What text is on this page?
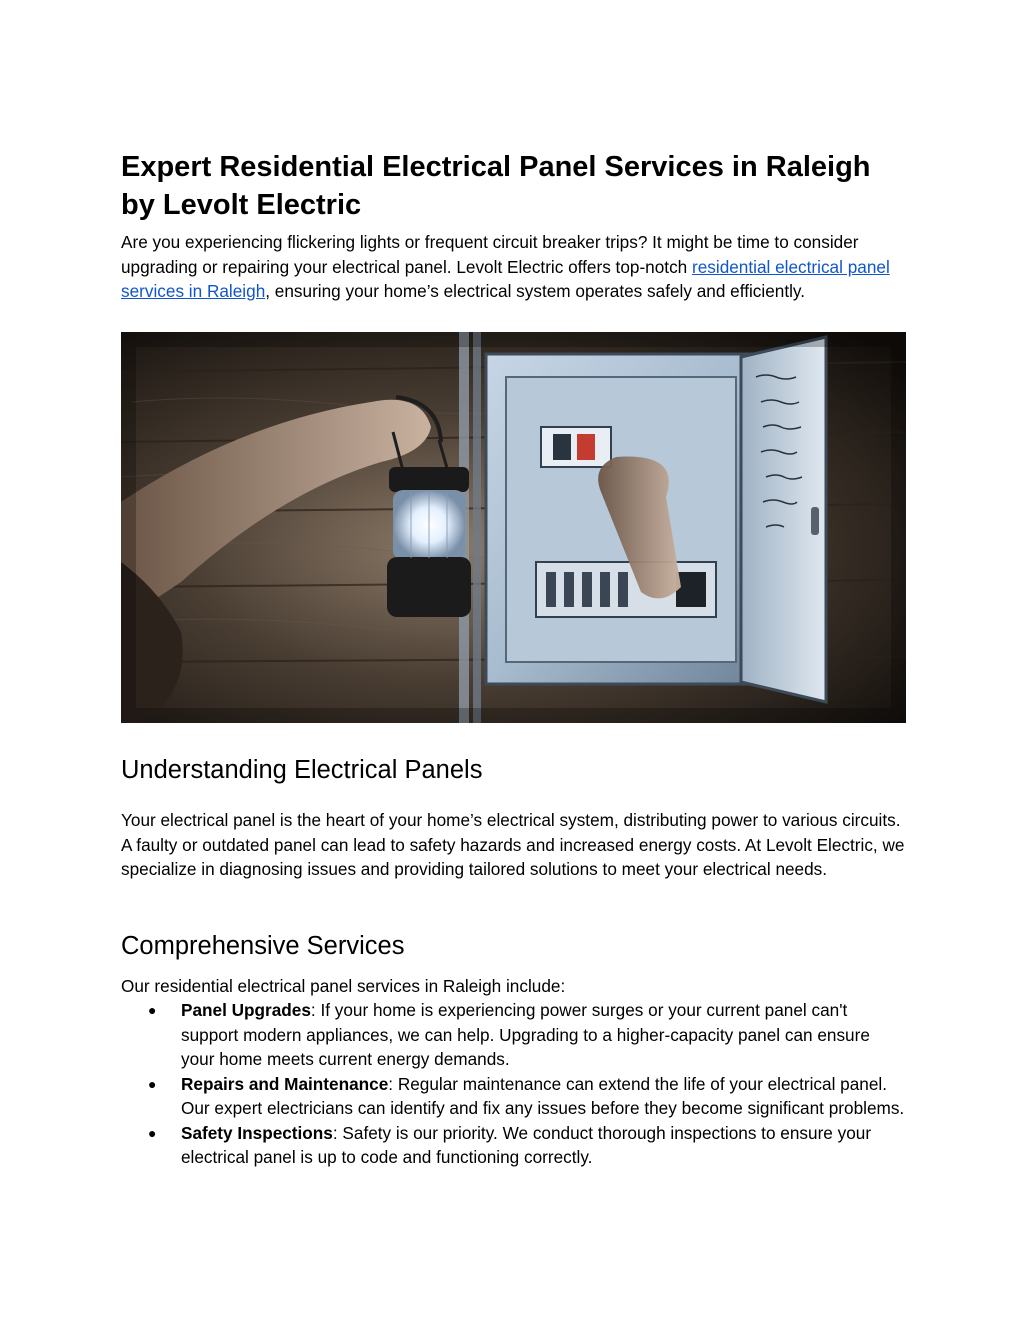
Expert Residential Electrical Panel Services in Raleigh by Levolt Electric

Are you experiencing flickering lights or frequent circuit breaker trips? It might be time to consider upgrading or repairing your electrical panel. Levolt Electric offers top-notch residential electrical panel services in Raleigh, ensuring your home’s electrical system operates safely and efficiently.

Understanding Electrical Panels

Your electrical panel is the heart of your home’s electrical system, distributing power to various circuits. A faulty or outdated panel can lead to safety hazards and increased energy costs. At Levolt Electric, we specialize in diagnosing issues and providing tailored solutions to meet your electrical needs.

Comprehensive Services

Our residential electrical panel services in Raleigh include:

● Panel Upgrades: If your home is experiencing power surges or your current panel can't support modern appliances, we can help. Upgrading to a higher-capacity panel can ensure your home meets current energy demands.
● Repairs and Maintenance: Regular maintenance can extend the life of your electrical panel. Our expert electricians can identify and fix any issues before they become significant problems.
● Safety Inspections: Safety is our priority. We conduct thorough inspections to ensure your electrical panel is up to code and functioning correctly.
